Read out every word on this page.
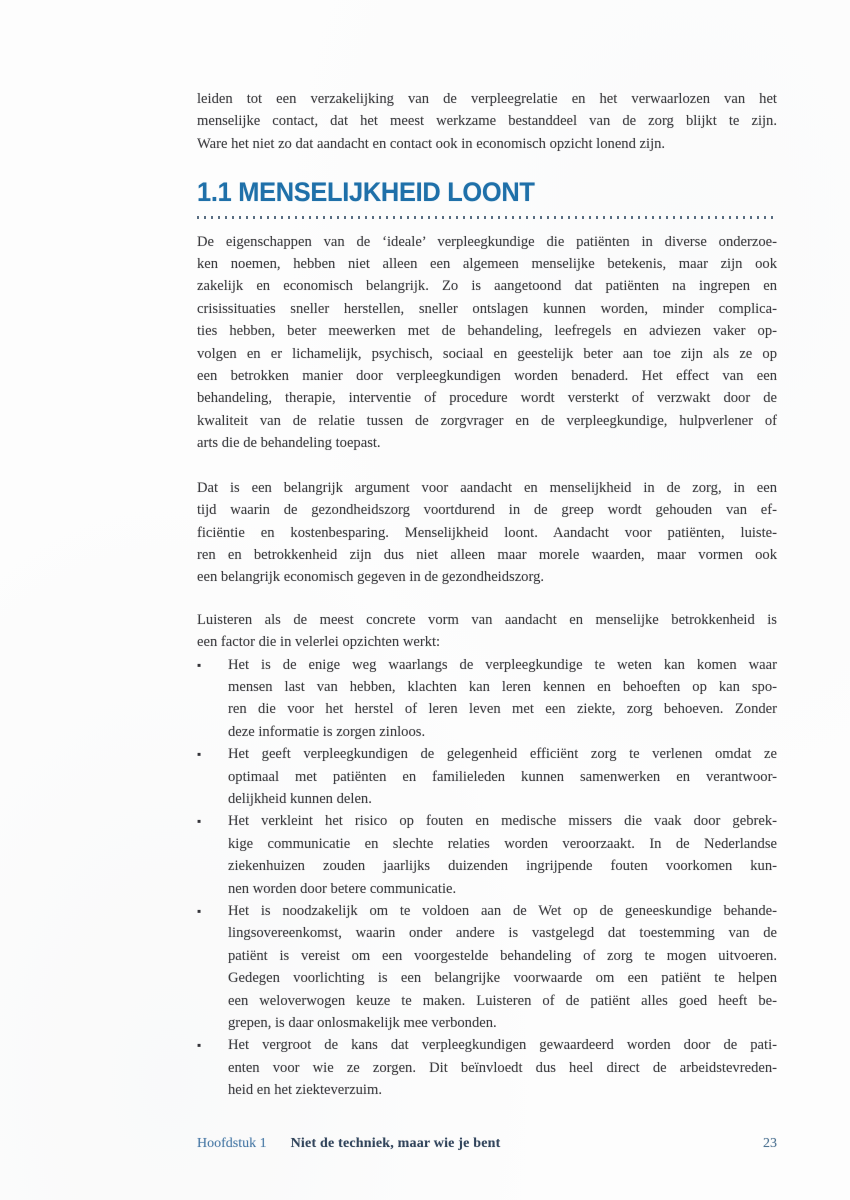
leiden tot een verzakelijking van de verpleegrelatie en het verwaarlozen van het
menselijke contact, dat het meest werkzame bestanddeel van de zorg blijkt te zijn.
Ware het niet zo dat aandacht en contact ook in economisch opzicht lonend zijn.
1.1 MENSELIJKHEID LOONT
De eigenschappen van de ‘ideale’ verpleegkundige die patiënten in diverse onderzoe-
ken noemen, hebben niet alleen een algemeen menselijke betekenis, maar zijn ook
zakelijk en economisch belangrijk. Zo is aangetoond dat patiënten na ingrepen en
crisissituaties sneller herstellen, sneller ontslagen kunnen worden, minder complica-
ties hebben, beter meewerken met de behandeling, leefregels en adviezen vaker op-
volgen en er lichamelijk, psychisch, sociaal en geestelijk beter aan toe zijn als ze op
een betrokken manier door verpleegkundigen worden benaderd. Het effect van een
behandeling, therapie, interventie of procedure wordt versterkt of verzwakt door de
kwaliteit van de relatie tussen de zorgvrager en de verpleegkundige, hulpverlener of
arts die de behandeling toepast.
Dat is een belangrijk argument voor aandacht en menselijkheid in de zorg, in een
tijd waarin de gezondheidszorg voortdurend in de greep wordt gehouden van ef-
ficiëntie en kostenbesparing. Menselijkheid loont. Aandacht voor patiënten, luiste-
ren en betrokkenheid zijn dus niet alleen maar morele waarden, maar vormen ook
een belangrijk economisch gegeven in de gezondheidszorg.
Luisteren als de meest concrete vorm van aandacht en menselijke betrokkenheid is
een factor die in velerlei opzichten werkt:
▪	Het is de enige weg waarlangs de verpleegkundige te weten kan komen waar
mensen last van hebben, klachten kan leren kennen en behoeften op kan spo-
ren die voor het herstel of leren leven met een ziekte, zorg behoeven. Zonder
deze informatie is zorgen zinloos.
▪	Het geeft verpleegkundigen de gelegenheid efficiënt zorg te verlenen omdat ze
optimaal met patiënten en familieleden kunnen samenwerken en verantwoor-
delijkheid kunnen delen.
▪	Het verkleint het risico op fouten en medische missers die vaak door gebrek-
kige communicatie en slechte relaties worden veroorzaakt. In de Nederlandse
ziekenhuizen zouden jaarlijks duizenden ingrijpende fouten voorkomen kun-
nen worden door betere communicatie.
▪	Het is noodzakelijk om te voldoen aan de Wet op de geneeskundige behande-
lingsovereenkomst, waarin onder andere is vastgelegd dat toestemming van de
patiënt is vereist om een voorgestelde behandeling of zorg te mogen uitvoeren.
Gedegen voorlichting is een belangrijke voorwaarde om een patiënt te helpen
een weloverwogen keuze te maken. Luisteren of de patiënt alles goed heeft be-
grepen, is daar onlosmakelijk mee verbonden.
▪	Het vergroot de kans dat verpleegkundigen gewaardeerd worden door de pati-
enten voor wie ze zorgen. Dit beïnvloedt dus heel direct de arbeidstevreden-
heid en het ziekteverzuim.
Hoofdstuk 1 Niet de techniek, maar wie je bent	23
